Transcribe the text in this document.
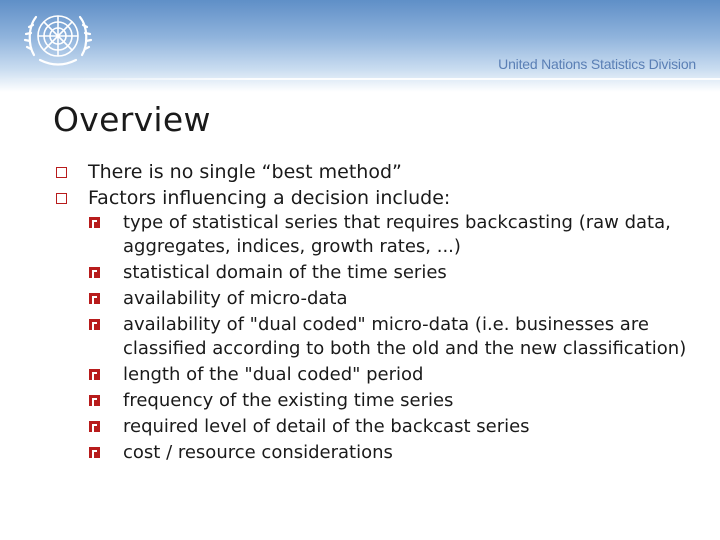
United Nations Statistics Division
Overview
There is no single “best method”
Factors influencing a decision include:
type of statistical series that requires backcasting (raw data, aggregates, indices, growth rates, ...)
statistical domain of the time series
availability of micro-data
availability of "dual coded" micro-data (i.e. businesses are classified according to both the old and the new classification)
length of the "dual coded" period
frequency of the existing time series
required level of detail of the backcast series
cost / resource considerations
